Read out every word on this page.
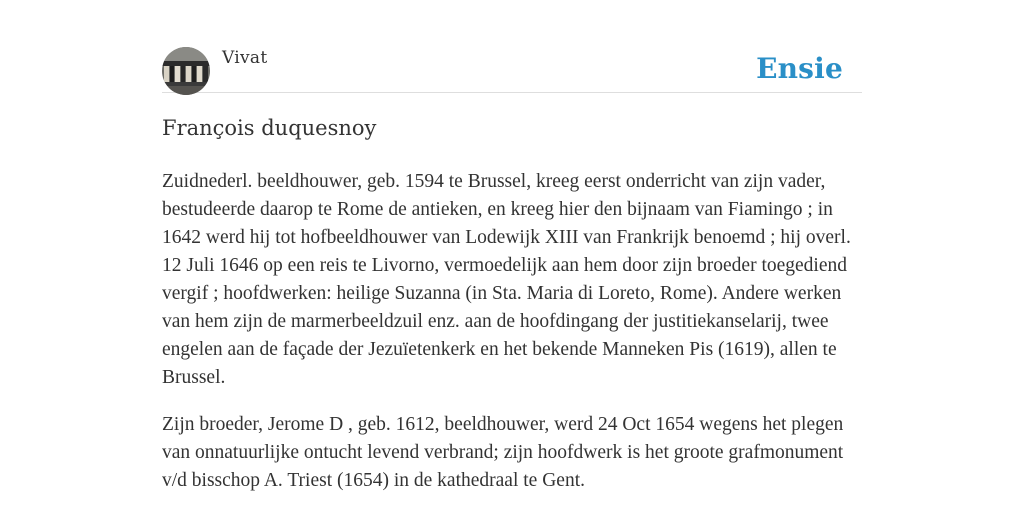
Vivat	Ensie
François duquesnoy

Zuidnederl. beeldhouwer, geb. 1594 te Brussel, kreeg eerst onderricht van zijn vader, bestudeerde daarop te Rome de antieken, en kreeg hier den bijnaam van Fiamingo ; in 1642 werd hij tot hofbeeldhouwer van Lodewijk XIII van Frankrijk benoemd ; hij overl. 12 Juli 1646 op een reis te Livorno, vermoedelijk aan hem door zijn broeder toegediend vergif ; hoofdwerken: heilige Suzanna (in Sta. Maria di Loreto, Rome). Andere werken van hem zijn de marmerbeeldzuil enz. aan de hoofdingang der justitiekanselarij, twee engelen aan de façade der Jezuïetenkerk en het bekende Manneken Pis (1619), allen te Brussel.

Zijn broeder, Jerome D , geb. 1612, beeldhouwer, werd 24 Oct 1654 wegens het plegen van onnatuurlijke ontucht levend verbrand; zijn hoofdwerk is het groote grafmonument v/d bisschop A. Triest (1654) in de kathedraal te Gent.
